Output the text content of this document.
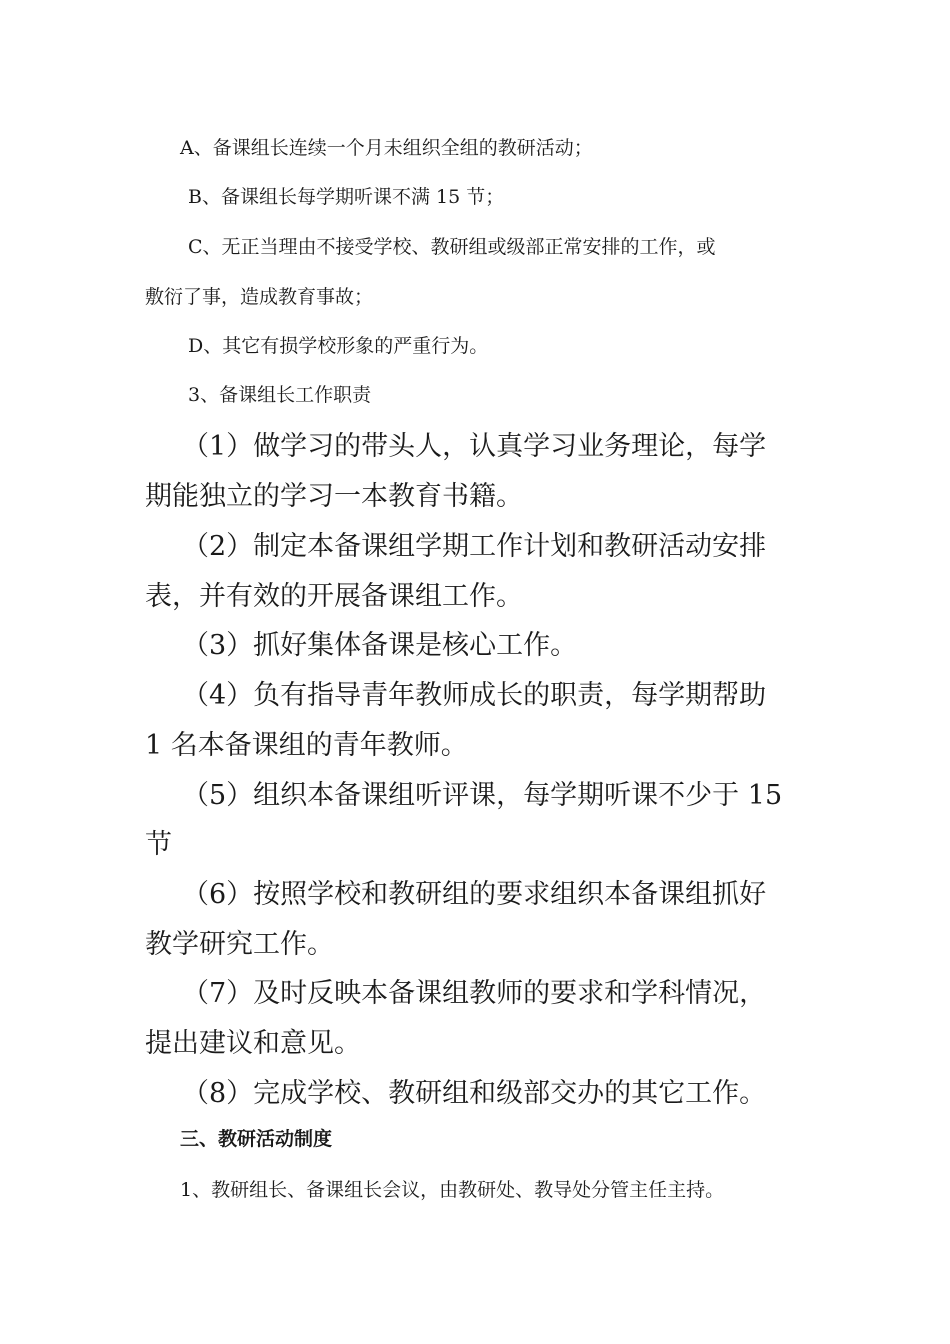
A、备课组长连续一个月未组织全组的教研活动；
B、备课组长每学期听课不满 15 节；
C、无正当理由不接受学校、教研组或级部正常安排的工作，或
敷衍了事，造成教育事故；
D、其它有损学校形象的严重行为。
3、备课组长工作职责
（1）做学习的带头人，认真学习业务理论，每学
期能独立的学习一本教育书籍。
（2）制定本备课组学期工作计划和教研活动安排
表，并有效的开展备课组工作。
（3）抓好集体备课是核心工作。
（4）负有指导青年教师成长的职责，每学期帮助
1 名本备课组的青年教师。
（5）组织本备课组听评课，每学期听课不少于 15
节
（6）按照学校和教研组的要求组织本备课组抓好
教学研究工作。
（7）及时反映本备课组教师的要求和学科情况，
提出建议和意见。
（8）完成学校、教研组和级部交办的其它工作。
三、教研活动制度
1、教研组长、备课组长会议，由教研处、教导处分管主任主持。
